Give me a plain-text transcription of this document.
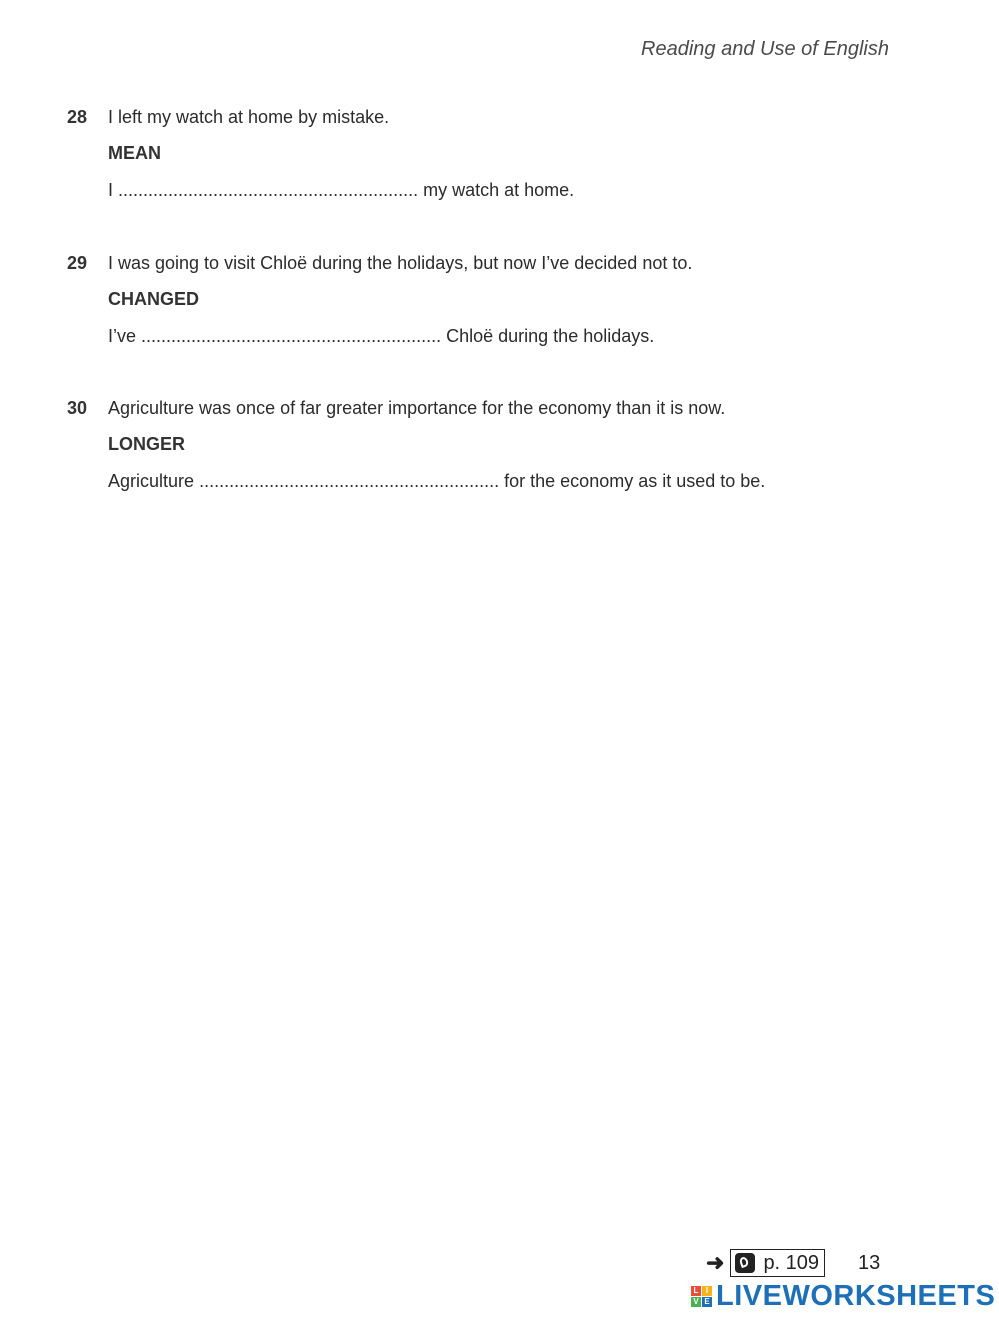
Reading and Use of English
28 I left my watch at home by mistake.
MEAN
I ............................................................ my watch at home.
29 I was going to visit Chloë during the holidays, but now I’ve decided not to.
CHANGED
I’ve ............................................................ Chloë during the holidays.
30 Agriculture was once of far greater importance for the economy than it is now.
LONGER
Agriculture ............................................................ for the economy as it used to be.
➜ p. 109 13
L I
V E LIVEWORKSHEETS
